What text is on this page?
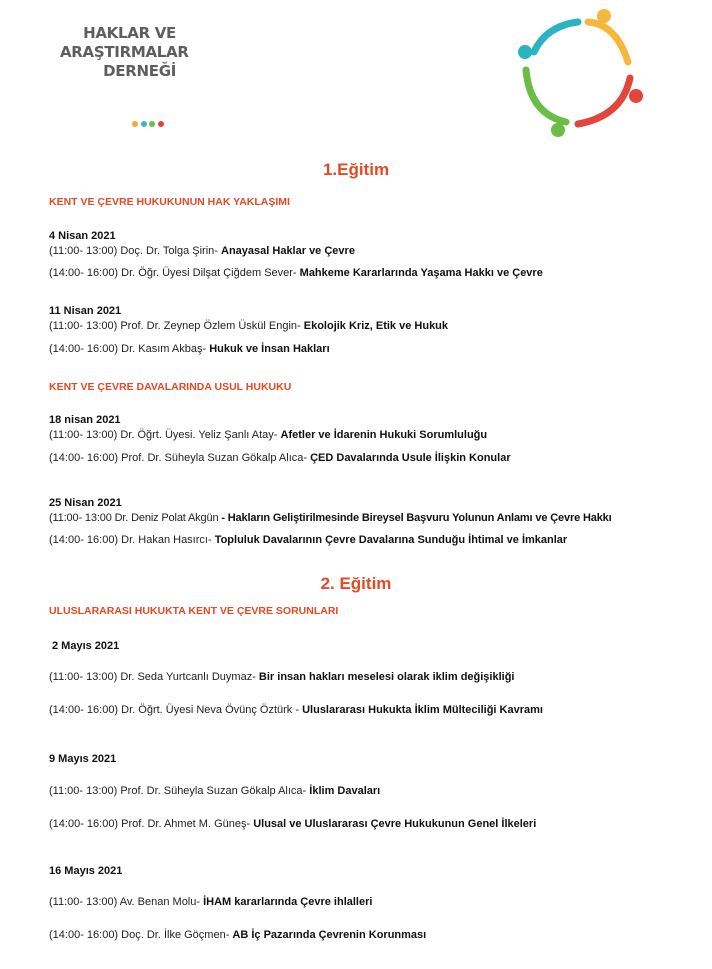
HAKLAR VE
ARAŞTIRMALAR
DERNEĞİ
1.Eğitim
KENT VE ÇEVRE HUKUKUNUN HAK YAKLAŞIMI
4 Nisan 2021
(11:00- 13:00) Doç. Dr. Tolga Şirin- Anayasal Haklar ve Çevre
(14:00- 16:00) Dr. Öğr. Üyesi Dilşat Çiğdem Sever- Mahkeme Kararlarında Yaşama Hakkı ve Çevre
11 Nisan 2021
(11:00- 13:00) Prof. Dr. Zeynep Özlem Üskül Engin- Ekolojik Kriz, Etik ve Hukuk
(14:00- 16:00) Dr. Kasım Akbaş- Hukuk ve İnsan Hakları
KENT VE ÇEVRE DAVALARINDA USUL HUKUKU
18 nisan 2021
(11:00- 13:00) Dr. Öğrt. Üyesi. Yeliz Şanlı Atay- Afetler ve İdarenin Hukuki Sorumluluğu
(14:00- 16:00) Prof. Dr. Süheyla Suzan Gökalp Alıca- ÇED Davalarında Usule İlişkin Konular
25 Nisan 2021
(11:00- 13:00 Dr. Deniz Polat Akgün - Hakların Geliştirilmesinde Bireysel Başvuru Yolunun Anlamı ve Çevre Hakkı
(14:00- 16:00) Dr. Hakan Hasırcı- Topluluk Davalarının Çevre Davalarına Sunduğu İhtimal ve İmkanlar
2. Eğitim
ULUSLARARASI HUKUKTA KENT VE ÇEVRE SORUNLARI
2 Mayıs 2021
(11:00- 13:00) Dr. Seda Yurtcanlı Duymaz- Bir insan hakları meselesi olarak iklim değişikliği
(14:00- 16:00) Dr. Öğrt. Üyesi Neva Övünç Öztürk - Uluslararası Hukukta İklim Mülteciliği Kavramı
9 Mayıs 2021
(11:00- 13:00) Prof. Dr. Süheyla Suzan Gökalp Alıca- İklim Davaları
(14:00- 16:00) Prof. Dr. Ahmet M. Güneş- Ulusal ve Uluslararası Çevre Hukukunun Genel İlkeleri
16 Mayıs 2021
(11:00- 13:00) Av. Benan Molu- İHAM kararlarında Çevre ihlalleri
(14:00- 16:00) Doç. Dr. İlke Göçmen- AB İç Pazarında Çevrenin Korunması
